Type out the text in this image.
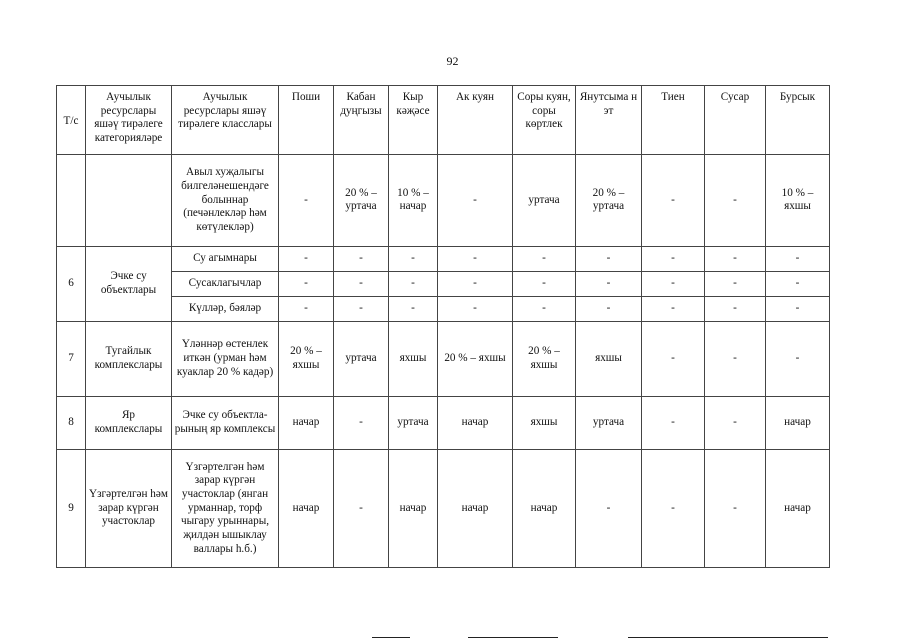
92
Т/с	Аучылык ресурслары яшәү тирәлеге категорияләре	Аучылык ресурслары яшәү тирәлеге класслары	Поши	Кабан дуңгызы	Кыр кәҗәсе	Ак куян	Соры куян, соры көртлек	Янутсыма н эт	Тиен	Сусар	Бурсык
		Авыл хуҗалыгы билгеләнешендәге болыннар (печәнлекләр һәм көтүлекләр)	-	20 % – уртача	10 % – начар	-	уртача	20 % – уртача	-	-	10 % – яхшы
6	Эчке су объектлары	Су агымнары	-	-	-	-	-	-	-	-	-
		Сусаклагычлар	-	-	-	-	-	-	-	-	-
		Күлләр, бәяләр	-	-	-	-	-	-	-	-	-
7	Тугайлык комплекслары	Үләннәр өстенлек иткән (урман һәм куаклар 20 % кадәр)	20 % – яхшы	уртача	яхшы	20 % – яхшы	20 % – яхшы	яхшы	-	-	-
8	Яр комплекслары	Эчке су объектла-рының яр комплексы	начар	-	уртача	начар	яхшы	уртача	-	-	начар
9	Үзгәртелгән һәм зарар күргән участоклар	Үзгәртелгән һәм зарар күргән участоклар (янган урманнар, торф чыгару урыннары, җилдән ышыклау валлары h.б.)	начар	-	начар	начар	начар	-	-	-	начар
